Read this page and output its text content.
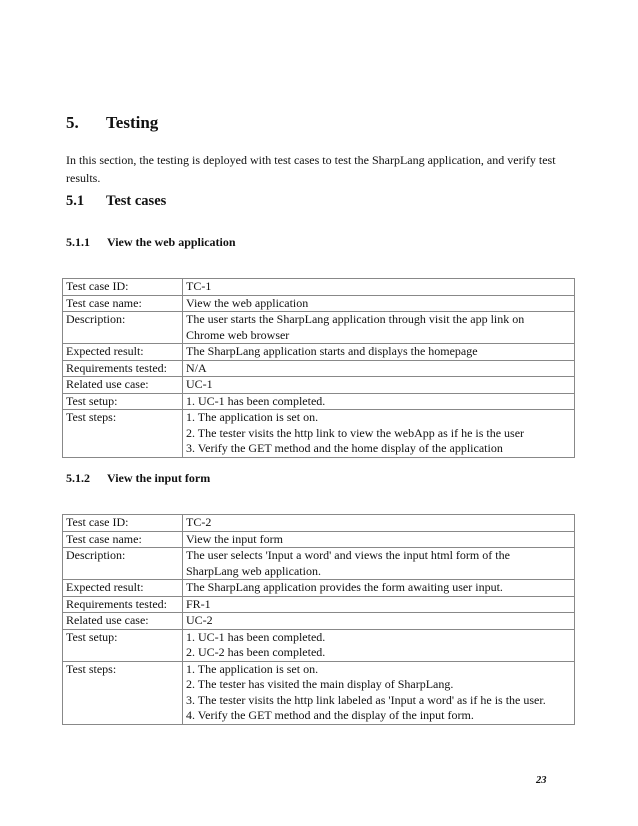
5.	Testing
In this section, the testing is deployed with test cases to test the SharpLang application, and verify test results.
5.1	Test cases
5.1.1	View the web application
Test case ID:	TC-1

Test case name:	View the web application

Description:	The user starts the SharpLang application through visit the app link on
Chrome web browser

Expected result:	The SharpLang application starts and displays the homepage

Requirements tested:	N/A

Related use case:	UC-1

Test setup:	1. UC-1 has been completed.

Test steps:	1. The application is set on.
2. The tester visits the http link to view the webApp as if he is the user
3. Verify the GET method and the home display of the application
5.1.2	View the input form
Test case ID:	TC-2

Test case name:	View the input form

Description:	The user selects 'Input a word' and views the input html form of the
SharpLang web application.

Expected result:	The SharpLang application provides the form awaiting user input.

Requirements tested:	FR-1

Related use case:	UC-2

Test setup:	1. UC-1 has been completed.
2. UC-2 has been completed.

Test steps:	1. The application is set on.
2. The tester has visited the main display of SharpLang.
3. The tester visits the http link labeled as 'Input a word' as if he is the user.
4. Verify the GET method and the display of the input form.
23
